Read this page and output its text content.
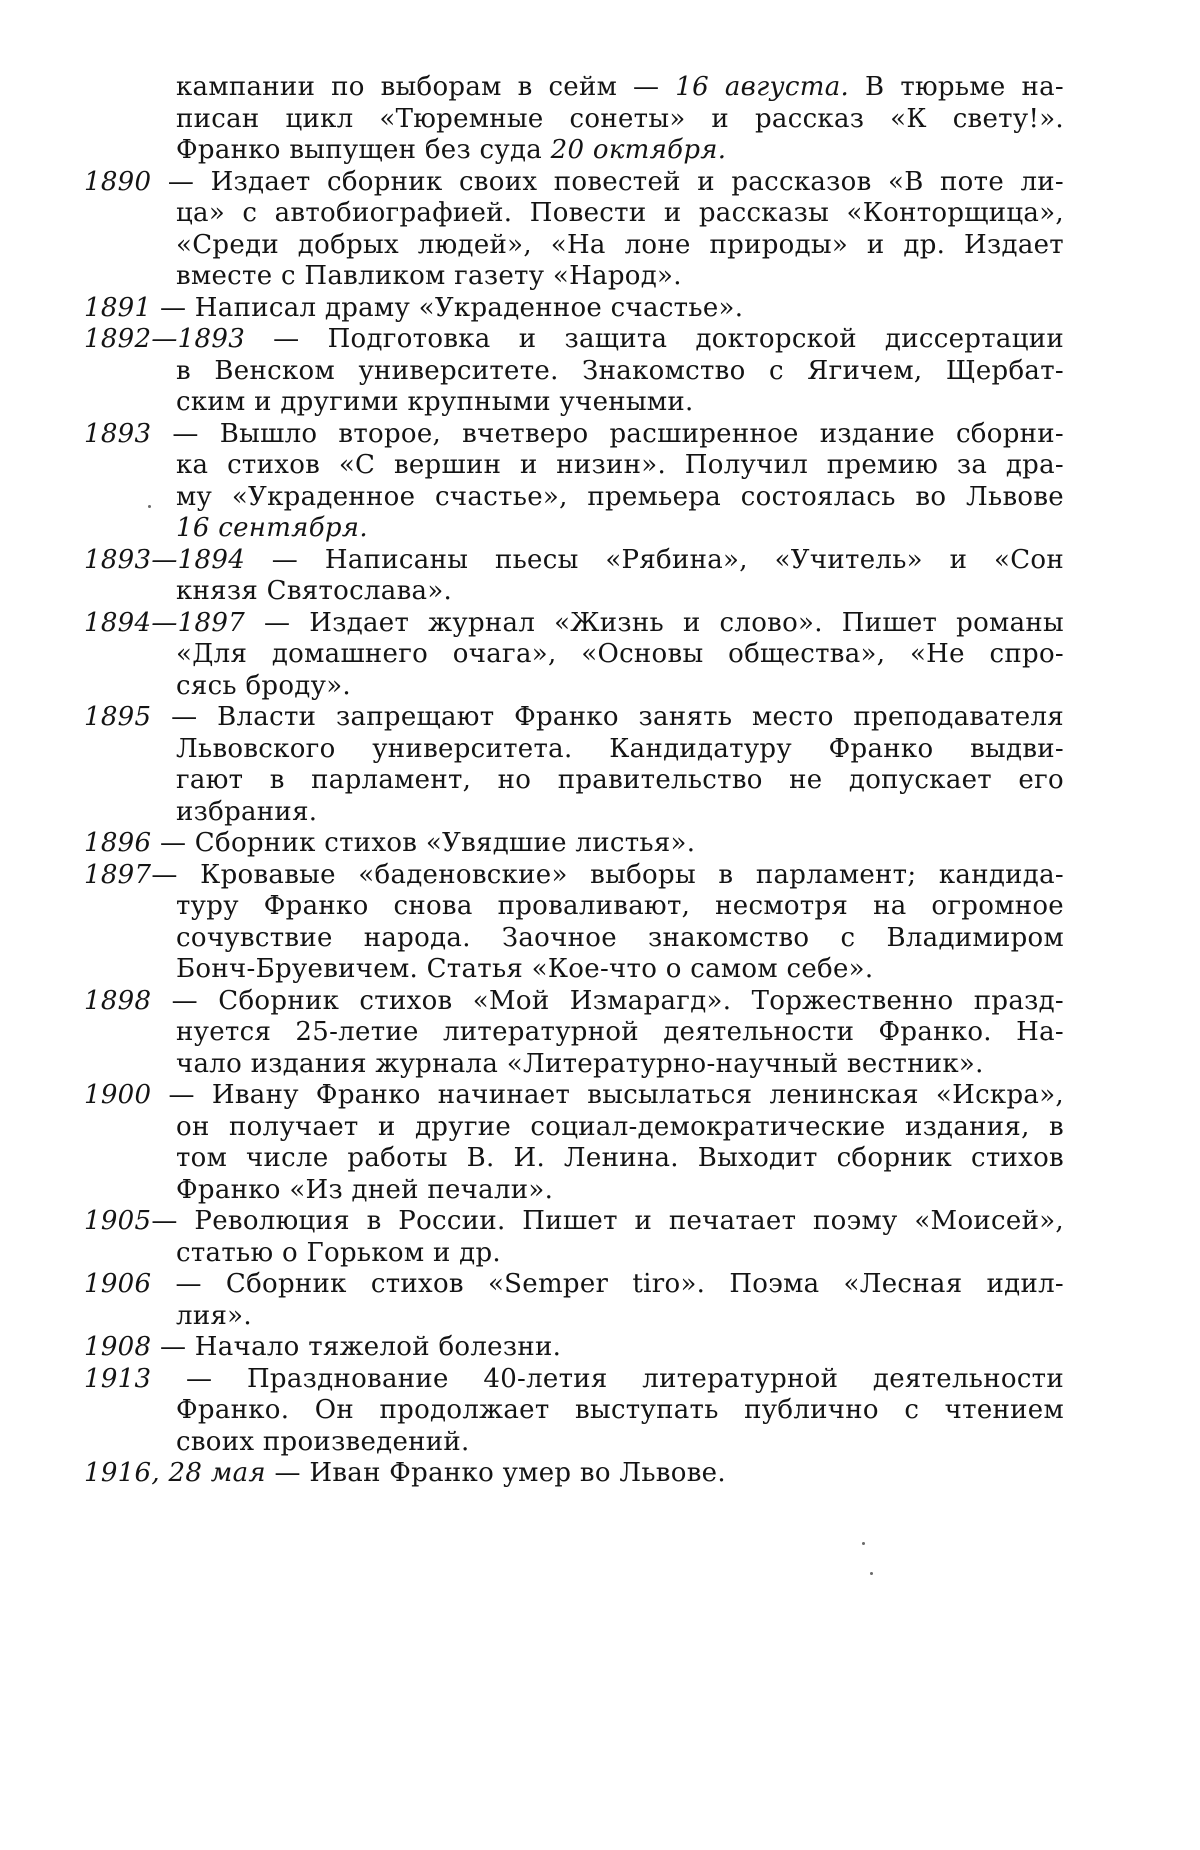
кампании по выборам в сейм — 16 августа. В тюрьме на-
писан цикл «Тюремные сонеты» и рассказ «К свету!».
Франко выпущен без суда 20 октября.
1890 — Издает сборник своих повестей и рассказов «В поте ли-
ца» с автобиографией. Повести и рассказы «Конторщица»,
«Среди добрых людей», «На лоне природы» и др. Издает
вместе с Павликом газету «Народ».
1891 — Написал драму «Украденное счастье».
1892—1893 — Подготовка и защита докторской диссертации
в Венском университете. Знакомство с Ягичем, Щербат-
ским и другими крупными учеными.
1893 — Вышло второе, вчетверо расширенное издание сборни-
ка стихов «С вершин и низин». Получил премию за дра-
му «Украденное счастье», премьера состоялась во Львове
16 сентября.
1893—1894 — Написаны пьесы «Рябина», «Учитель» и «Сон
князя Святослава».
1894—1897 — Издает журнал «Жизнь и слово». Пишет романы
«Для домашнего очага», «Основы общества», «Не спро-
сясь броду».
1895 — Власти запрещают Франко занять место преподавателя
Львовского университета. Кандидатуру Франко выдви-
гают в парламент, но правительство не допускает его
избрания.
1896 — Сборник стихов «Увядшие листья».
1897— Кровавые «баденовские» выборы в парламент; кандида-
туру Франко снова проваливают, несмотря на огромное
сочувствие народа. Заочное знакомство с Владимиром
Бонч-Бруевичем. Статья «Кое-что о самом себе».
1898 — Сборник стихов «Мой Измарагд». Торжественно празд-
нуется 25-летие литературной деятельности Франко. На-
чало издания журнала «Литературно-научный вестник».
1900 — Ивану Франко начинает высылаться ленинская «Искра»,
он получает и другие социал-демократические издания, в
том числе работы В. И. Ленина. Выходит сборник стихов
Франко «Из дней печали».
1905— Революция в России. Пишет и печатает поэму «Моисей»,
статью о Горьком и др.
1906 — Сборник стихов «Semper tiro». Поэма «Лесная идил-
лия».
1908 — Начало тяжелой болезни.
1913 — Празднование 40-летия литературной деятельности
Франко. Он продолжает выступать публично с чтением
своих произведений.
1916, 28 мая — Иван Франко умер во Львове.
